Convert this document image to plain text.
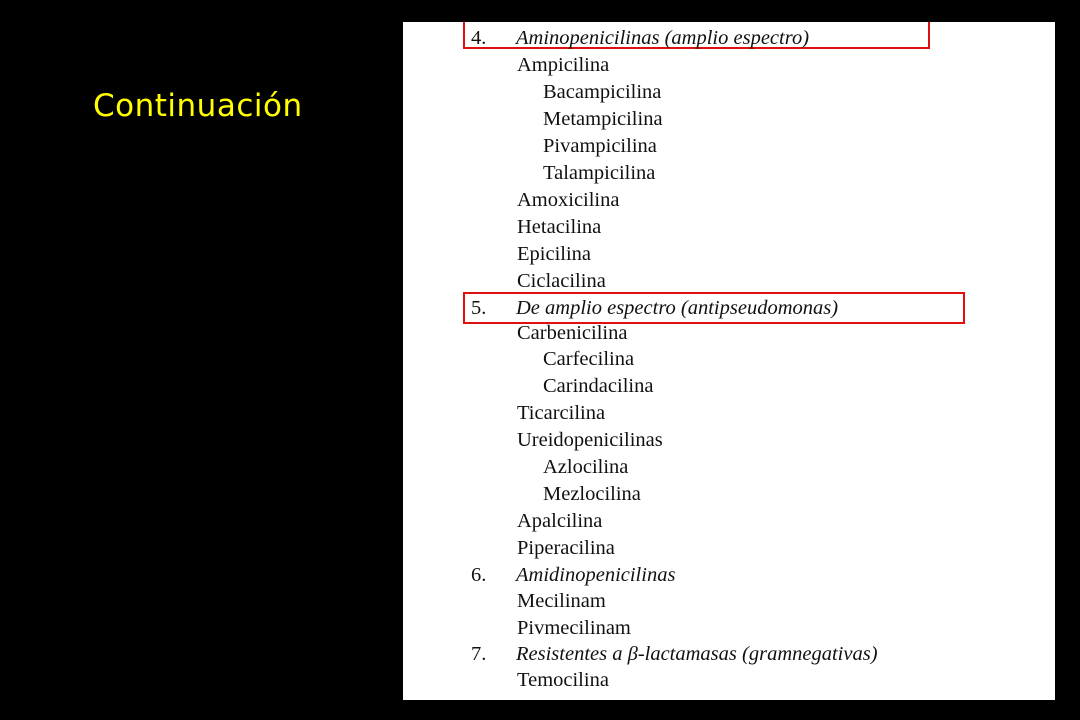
Continuación
4. Aminopenicilinas (amplio espectro)
Ampicilina
Bacampicilina
Metampicilina
Pivampicilina
Talampicilina
Amoxicilina
Hetacilina
Epicilina
Ciclacilina
5. De amplio espectro (antipseudomonas)
Carbenicilina
Carfecilina
Carindacilina
Ticarcilina
Ureidopenicilinas
Azlocilina
Mezlocilina
Apalcilina
Piperacilina
6. Amidinopenicilinas
Mecilinam
Pivmecilinam
7. Resistentes a β-lactamasas (gramnegativas)
Temocilina
